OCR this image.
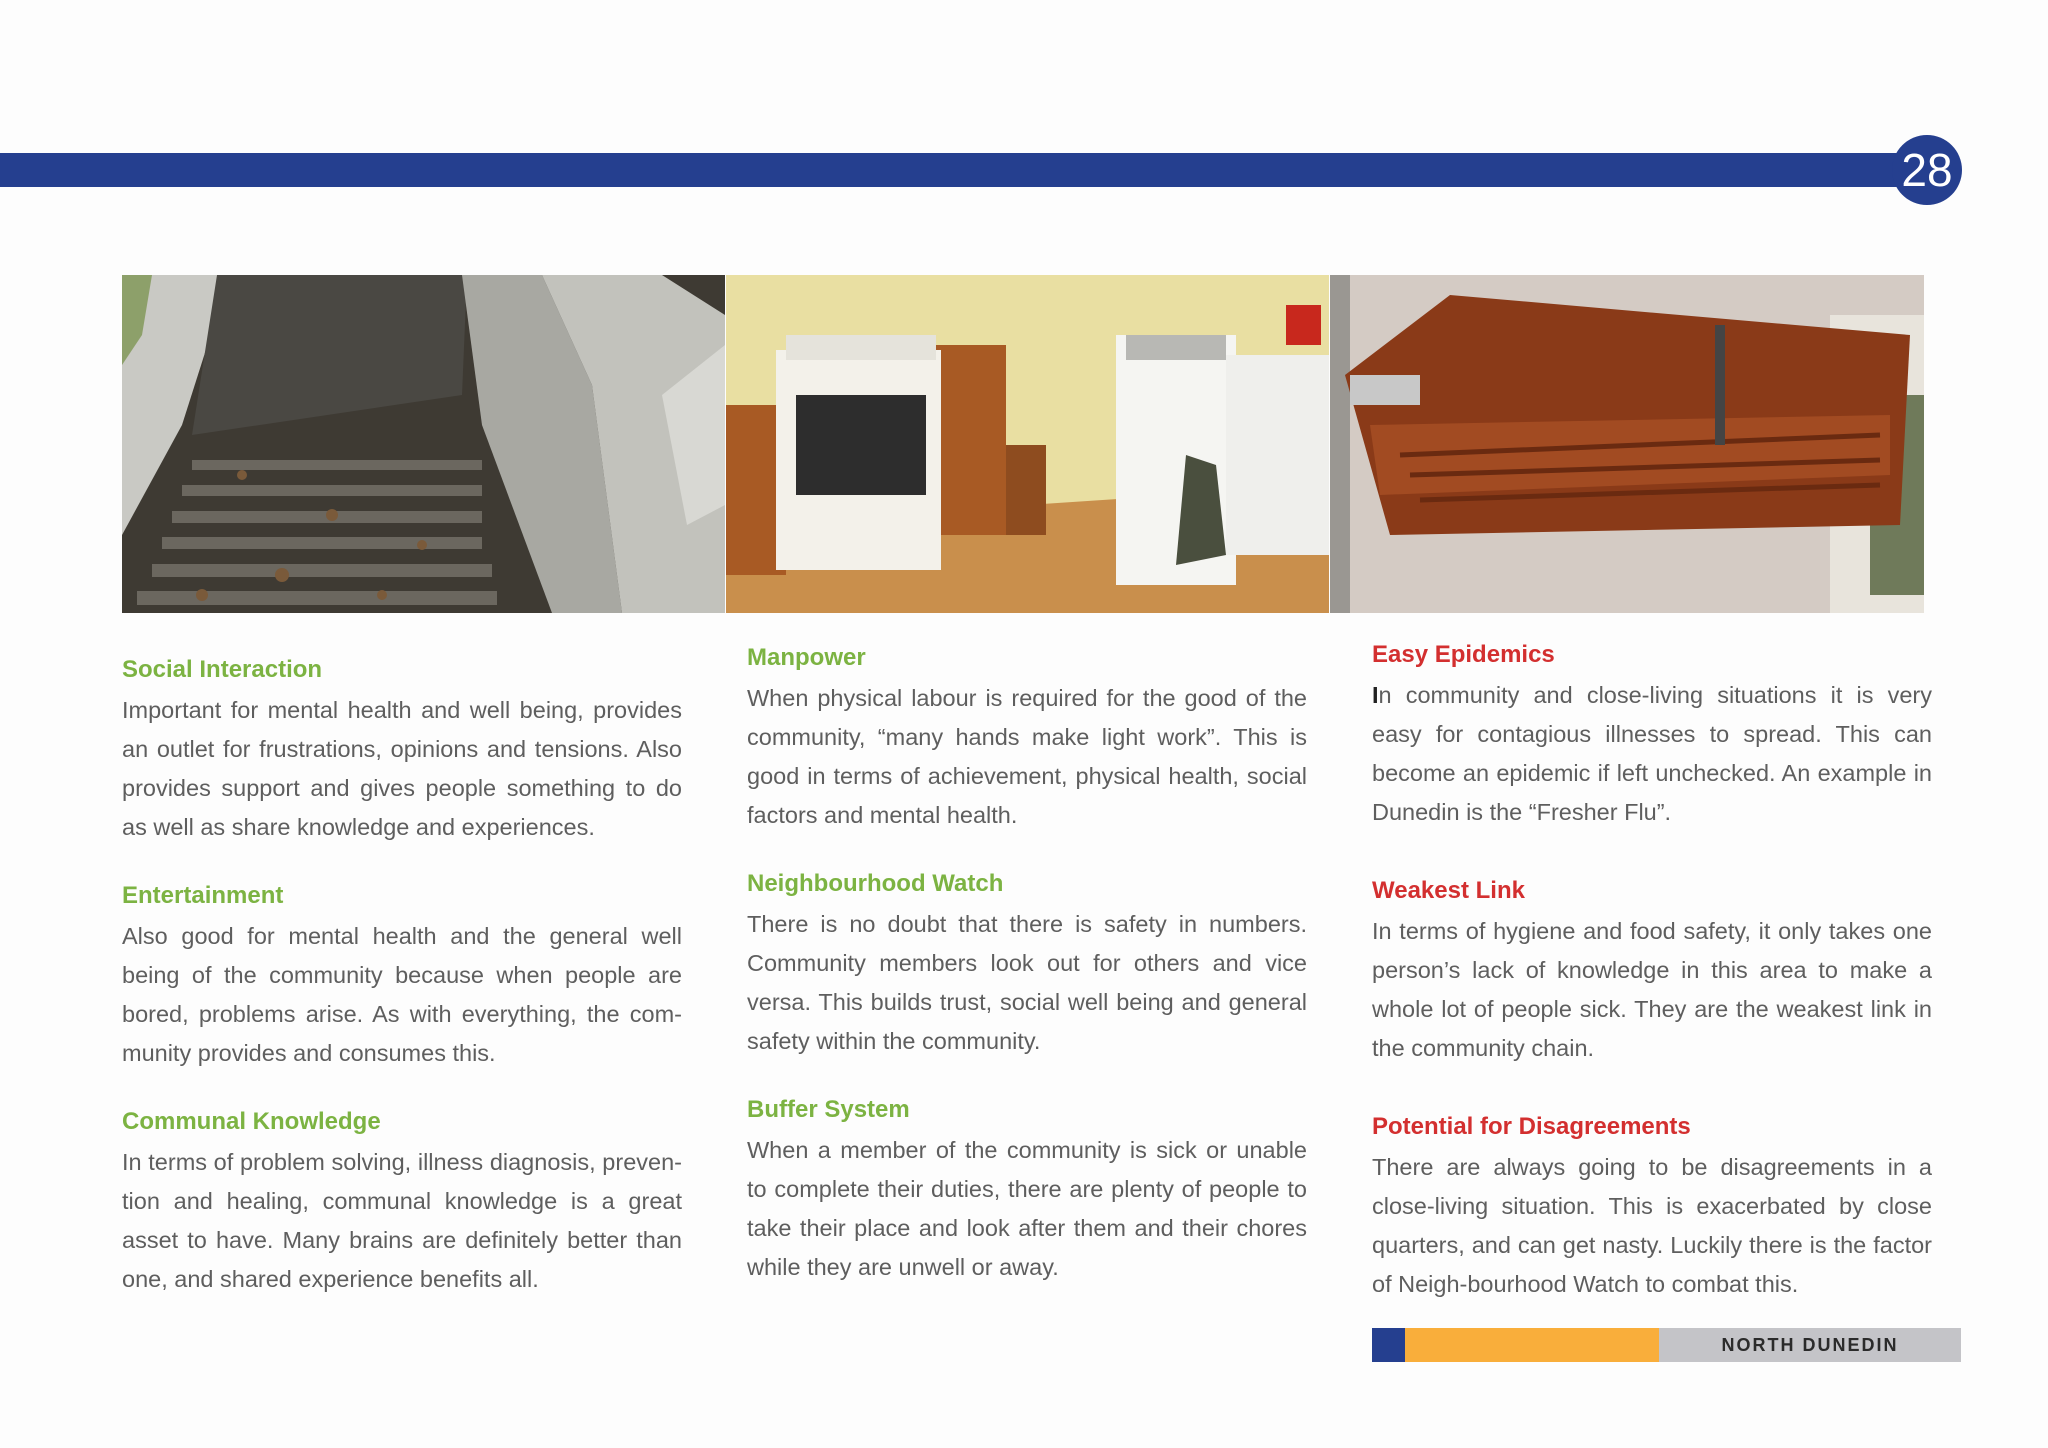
28
Social Interaction

Important for mental health and well being, provides an outlet for frustrations, opinions and tensions. Also provides support and gives people something to do as well as share knowledge and experiences.

Entertainment

Also good for mental health and the general well being of the community because when people are bored, problems arise. As with everything, the com-munity provides and consumes this.

Communal Knowledge

In terms of problem solving, illness diagnosis, preven-tion and healing, communal knowledge is a great asset to have. Many brains are definitely better than one, and shared experience benefits all.

Manpower

When physical labour is required for the good of the community, “many hands make light work”. This is good in terms of achievement, physical health, social factors and mental health.

Neighbourhood Watch

There is no doubt that there is safety in numbers. Community members look out for others and vice versa. This builds trust, social well being and general safety within the community.

Buffer System

When a member of the community is sick or unable to complete their duties, there are plenty of people to take their place and look after them and their chores while they are unwell or away.

Easy Epidemics

In community and close-living situations it is very easy for contagious illnesses to spread. This can become an epidemic if left unchecked. An example in Dunedin is the “Fresher Flu”.

Weakest Link

In terms of hygiene and food safety, it only takes one person’s lack of knowledge in this area to make a whole lot of people sick. They are the weakest link in the community chain.

Potential for Disagreements

There are always going to be disagreements in a close-living situation. This is exacerbated by close quarters, and can get nasty. Luckily there is the factor of Neigh-bourhood Watch to combat this.

NORTH DUNEDIN
